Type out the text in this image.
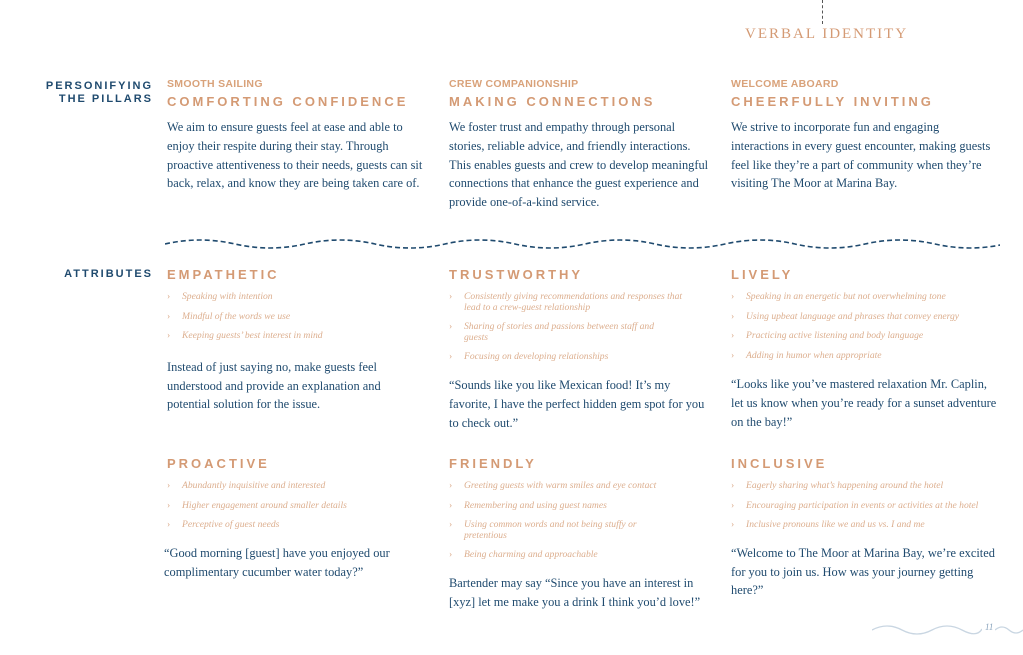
VERBAL IDENTITY
PERSONIFYING
THE PILLARS
SMOOTH SAILING
COMFORTING CONFIDENCE
We aim to ensure guests feel at ease and able to enjoy their respite during their stay. Through proactive attentiveness to their needs, guests can sit back, relax, and know they are being taken care of.
CREW COMPANIONSHIP
MAKING CONNECTIONS
We foster trust and empathy through personal stories, reliable advice, and friendly interactions. This enables guests and crew to develop meaningful connections that enhance the guest experience and provide one-of-a-kind service.
WELCOME ABOARD
CHEERFULLY INVITING
We strive to incorporate fun and engaging interactions in every guest encounter, making guests feel like they’re a part of community when they’re visiting The Moor at Marina Bay.
ATTRIBUTES EMPATHETIC
› Speaking with intention
› Mindful of the words we use
› Keeping guests’ best interest in mind
Instead of just saying no, make guests feel understood and provide an explanation and potential solution for the issue.
TRUSTWORTHY
› Consistently giving recommendations and responses that lead to a crew-guest relationship
› Sharing of stories and passions between staff and guests
› Focusing on developing relationships
“Sounds like you like Mexican food! It’s my favorite, I have the perfect hidden gem spot for you to check out.”
LIVELY
› Speaking in an energetic but not overwhelming tone
› Using upbeat language and phrases that convey energy
› Practicing active listening and body language
› Adding in humor when appropriate
“Looks like you’ve mastered relaxation Mr. Caplin, let us know when you’re ready for a sunset adventure on the bay!”
PROACTIVE
› Abundantly inquisitive and interested
› Higher engagement around smaller details
› Perceptive of guest needs
“Good morning [guest] have you enjoyed our complimentary cucumber water today?”
FRIENDLY
› Greeting guests with warm smiles and eye contact
› Remembering and using guest names
› Using common words and not being stuffy or pretentious
› Being charming and approachable
Bartender may say “Since you have an interest in [xyz] let me make you a drink I think you’d love!”
INCLUSIVE
› Eagerly sharing what’s happening around the hotel
› Encouraging participation in events or activities at the hotel
› Inclusive pronouns like we and us vs. I and me
“Welcome to The Moor at Marina Bay, we’re excited for you to join us. How was your journey getting here?”
11
